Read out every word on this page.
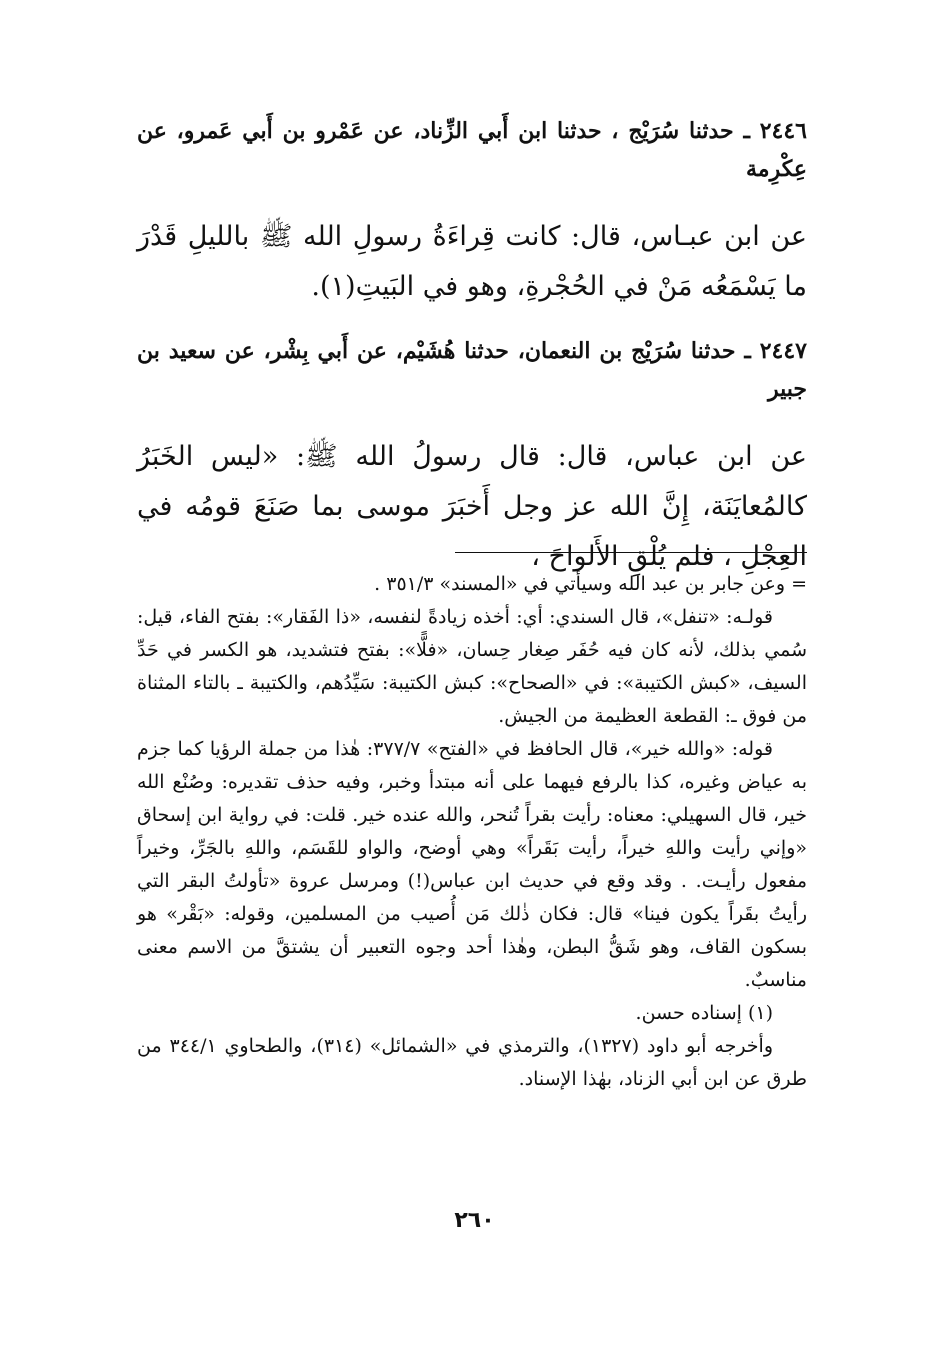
٢٤٤٦ ـ حدثنا سُرَيْج ، حدثنا ابن أَبي الزِّناد، عن عَمْرو بن أَبي عَمرو، عن عِكْرِمة
عن ابن عبـاس، قال: كانت قِراءَةُ رسولِ الله ﷺ بالليلِ قَدْرَ ما يَسْمَعُه مَنْ في الحُجْرةِ، وهو في البَيتِ(١).
٢٤٤٧ ـ حدثنا سُرَيْج بن النعمان، حدثنا هُشَيْم، عن أَبي بِشْر، عن سعيد بن جبير
عن ابن عباس، قال: قال رسولُ الله ﷺ: «ليس الخَبَرُ كالمُعايَنَة، إِنَّ الله عز وجل أَخبَرَ موسى بما صَنَعَ قومُه في العِجْلِ ، فلم يُلْقِ الأَلواحَ ،

= وعن جابر بن عبد الله وسيأتي في «المسند» ٣٥١/٣ .

قولـه: «تنفل»، قال السندي: أي: أخذه زيادةً لنفسه، «ذا الفَقار»: بفتح الفاء، قيل: سُمي بذلك، لأنه كان فيه حُفَر صِغار حِسان، «فلًّا»: بفتح فتشديد، هو الكسر في حَدِّ السيف، «كبش الكتيبة»: في «الصحاح»: كبش الكتيبة: سَيِّدُهم، والكتيبة ـ بالتاء المثناة من فوق ـ: القطعة العظيمة من الجيش.

قوله: «والله خير»، قال الحافظ في «الفتح» ٣٧٧/٧: هٰذا من جملة الرؤيا كما جزم به عياض وغيره، كذا بالرفع فيهما على أنه مبتدأ وخبر، وفيه حذف تقديره: وصُنْع الله خير، قال السهيلي: معناه: رأيت بقراً تُنحر، والله عنده خير. قلت: في رواية ابن إسحاق «وإني رأيت واللهِ خيراً، رأيت بَقَراً» وهي أوضح، والواو للقَسَم، واللهِ بالجَرِّ، وخيراً مفعول رأيـت. . وقد وقع في حديث ابن عباس(!) ومرسل عروة «تأولتُ البقر التي رأيتُ بقَراً يكون فينا» قال: فكان ذٰلك مَن أُصيب من المسلمين، وقوله: «بَقْر» هو بسكون القاف، وهو شَقُّ البطن، وهٰذا أحد وجوه التعبير أن يشتقَّ من الاسم معنى مناسبٌ.

(١) إسناده حسن.

وأخرجه أبو داود (١٣٢٧)، والترمذي في «الشمائل» (٣١٤)، والطحاوي ٣٤٤/١ من طرق عن ابن أبي الزناد، بهٰذا الإسناد.

٢٦٠
